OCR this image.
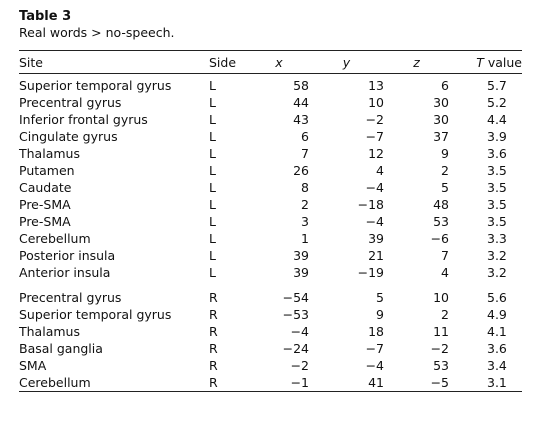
Table 3
Real words > no-speech.
Site	Side	x	y	z	T value
Superior temporal gyrus	L	58	13	6	5.7
Precentral gyrus	L	44	10	30	5.2
Inferior frontal gyrus	L	43	−2	30	4.4
Cingulate gyrus	L	6	−7	37	3.9
Thalamus	L	7	12	9	3.6
Putamen	L	26	4	2	3.5
Caudate	L	8	−4	5	3.5
Pre-SMA	L	2	−18	48	3.5
Pre-SMA	L	3	−4	53	3.5
Cerebellum	L	1	39	−6	3.3
Posterior insula	L	39	21	7	3.2
Anterior insula	L	39	−19	4	3.2

Precentral gyrus	R	−54	5	10	5.6
Superior temporal gyrus	R	−53	9	2	4.9
Thalamus	R	−4	18	11	4.1
Basal ganglia	R	−24	−7	−2	3.6
SMA	R	−2	−4	53	3.4
Cerebellum	R	−1	41	−5	3.1
